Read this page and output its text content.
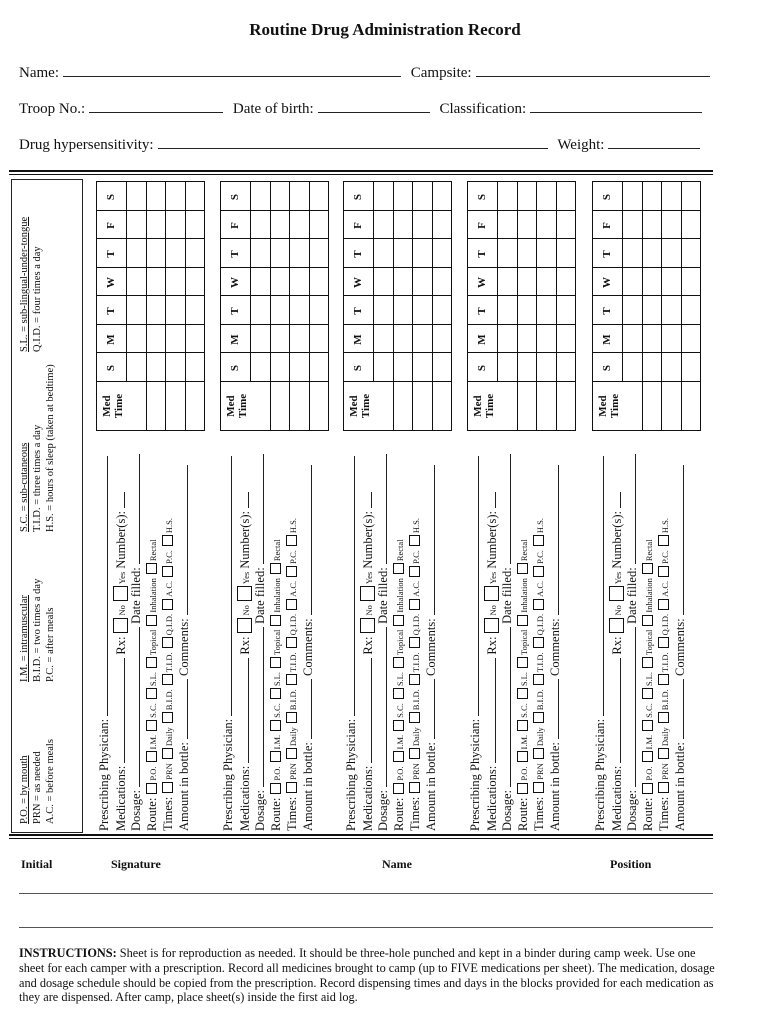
Routine Drug Administration Record
Name:	Campsite:
Troop No.:	Date of birth:	Classification:
Drug hypersensitivity:	Weight:
P.O. = by mouth PRN = as needed A.C. = before meals
I.M. = intramuscular B.I.D. = two times a day P.C. = after meals
S.C. = sub-cutaneous T.I.D. = three times a day H.S. = hours of sleep (taken at bedtime)
S.L. = sub-lingual-under-tongue Q.I.D. = four times a day
Prescribing Physician: Medications: Rx:NoYes Number(s):
Dosage: Date filled:
Route:P.O.I.M.S.C.S.L.TopicalInhalationRectal
Times:PRNDailyB.I.D.T.I.D.Q.I.D.A.C.P.C.H.S.
Amount in bottle: Comments:
Med Time
S
M
T
W
T
F
S
Prescribing Physician: Medications: Rx:NoYes Number(s):
Dosage: Date filled:
Route:P.O.I.M.S.C.S.L.TopicalInhalationRectal
Times:PRNDailyB.I.D.T.I.D.Q.I.D.A.C.P.C.H.S.
Amount in bottle: Comments:
Med Time
S
M
T
W
T
F
S
Prescribing Physician: Medications: Rx:NoYes Number(s):
Dosage: Date filled:
Route:P.O.I.M.S.C.S.L.TopicalInhalationRectal
Times:PRNDailyB.I.D.T.I.D.Q.I.D.A.C.P.C.H.S.
Amount in bottle: Comments:
Med Time
S
M
T
W
T
F
S
Prescribing Physician: Medications: Rx:NoYes Number(s):
Dosage: Date filled:
Route:P.O.I.M.S.C.S.L.TopicalInhalationRectal
Times:PRNDailyB.I.D.T.I.D.Q.I.D.A.C.P.C.H.S.
Amount in bottle: Comments:
Med Time
S
M
T
W
T
F
S
Prescribing Physician: Medications: Rx:NoYes Number(s):
Dosage: Date filled:
Route:P.O.I.M.S.C.S.L.TopicalInhalationRectal
Times:PRNDailyB.I.D.T.I.D.Q.I.D.A.C.P.C.H.S.
Amount in bottle: Comments:
Med Time
S
M
T
W
T
F
S
Initial	Signature	Name	Position
INSTRUCTIONS: Sheet is for reproduction as needed. It should be three-hole punched and kept in a binder during camp week. Use one sheet for each camper with a prescription. Record all medicines brought to camp (up to FIVE medications per sheet). The medication, dosage and dosage schedule should be copied from the prescription. Record dispensing times and days in the blocks provided for each medication as they are dispensed. After camp, place sheet(s) inside the first aid log.
